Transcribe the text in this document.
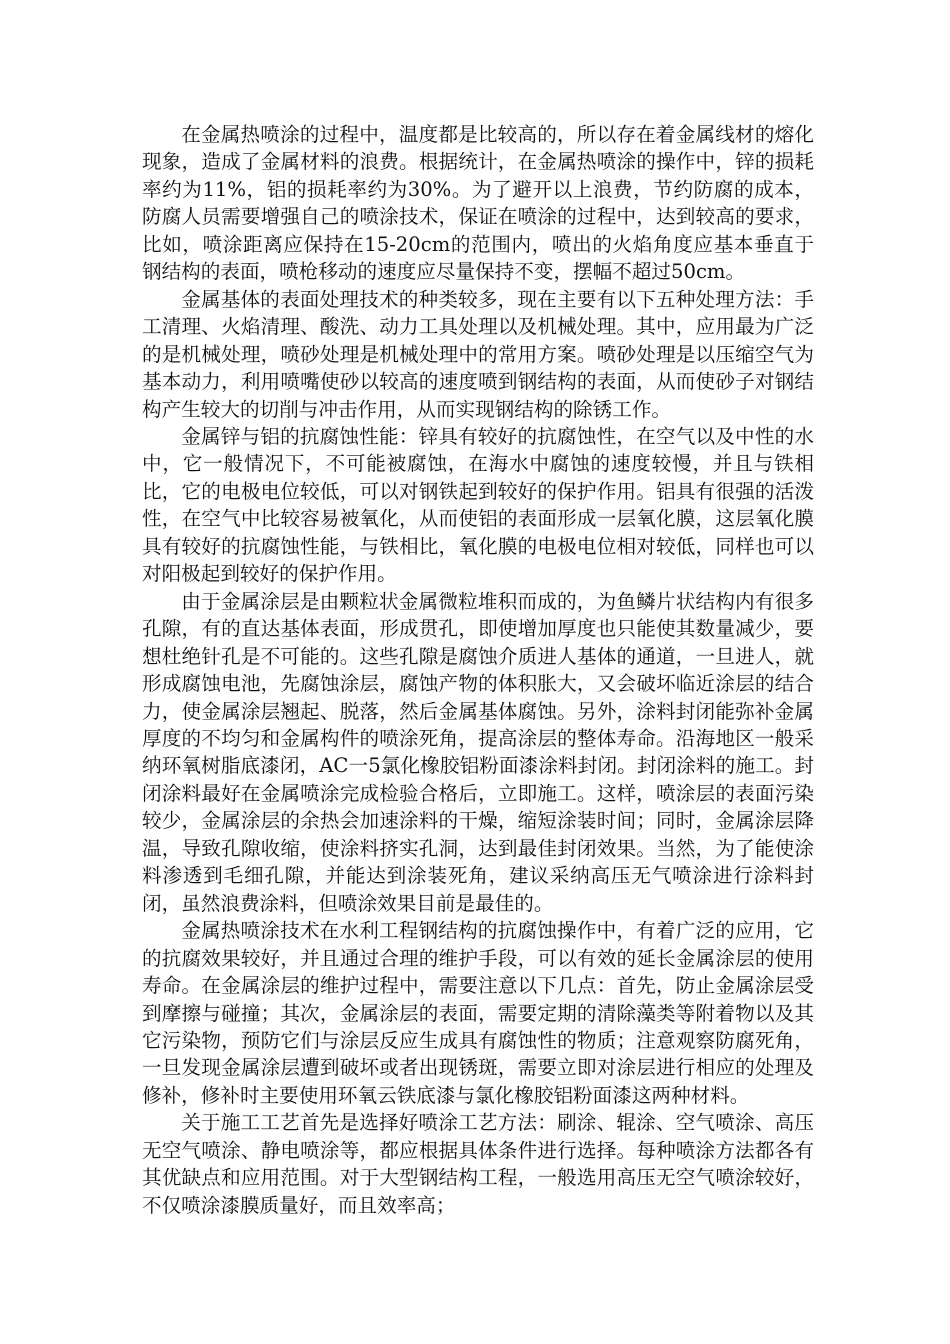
在金属热喷涂的过程中，温度都是比较高的，所以存在着金属线材的熔化现象，造成了金属材料的浪费。根据统计，在金属热喷涂的操作中，锌的损耗率约为11%，铝的损耗率约为30%。为了避开以上浪费，节约防腐的成本，防腐人员需要增强自己的喷涂技术，保证在喷涂的过程中，达到较高的要求，比如，喷涂距离应保持在15-20cm的范围内，喷出的火焰角度应基本垂直于钢结构的表面，喷枪移动的速度应尽量保持不变，摆幅不超过50cm。

金属基体的表面处理技术的种类较多，现在主要有以下五种处理方法：手工清理、火焰清理、酸洗、动力工具处理以及机械处理。其中，应用最为广泛的是机械处理，喷砂处理是机械处理中的常用方案。喷砂处理是以压缩空气为基本动力，利用喷嘴使砂以较高的速度喷到钢结构的表面，从而使砂子对钢结构产生较大的切削与冲击作用，从而实现钢结构的除锈工作。

金属锌与铝的抗腐蚀性能：锌具有较好的抗腐蚀性，在空气以及中性的水中，它一般情况下，不可能被腐蚀，在海水中腐蚀的速度较慢，并且与铁相比，它的电极电位较低，可以对钢铁起到较好的保护作用。铝具有很强的活泼性，在空气中比较容易被氧化，从而使铝的表面形成一层氧化膜，这层氧化膜具有较好的抗腐蚀性能，与铁相比，氧化膜的电极电位相对较低，同样也可以对阳极起到较好的保护作用。

由于金属涂层是由颗粒状金属微粒堆积而成的，为鱼鳞片状结构内有很多孔隙，有的直达基体表面，形成贯孔，即使增加厚度也只能使其数量减少，要想杜绝针孔是不可能的。这些孔隙是腐蚀介质进人基体的通道，一旦进人，就形成腐蚀电池，先腐蚀涂层，腐蚀产物的体积胀大，又会破坏临近涂层的结合力，使金属涂层翘起、脱落，然后金属基体腐蚀。另外，涂料封闭能弥补金属厚度的不均匀和金属构件的喷涂死角，提高涂层的整体寿命。沿海地区一般采纳环氧树脂底漆闭，AC一5氯化橡胶铝粉面漆涂料封闭。封闭涂料的施工。封闭涂料最好在金属喷涂完成检验合格后，立即施工。这样，喷涂层的表面污染较少，金属涂层的余热会加速涂料的干燥，缩短涂装时间；同时，金属涂层降温，导致孔隙收缩，使涂料挤实孔洞，达到最佳封闭效果。当然，为了能使涂料渗透到毛细孔隙，并能达到涂装死角，建议采纳高压无气喷涂进行涂料封闭，虽然浪费涂料，但喷涂效果目前是最佳的。

金属热喷涂技术在水利工程钢结构的抗腐蚀操作中，有着广泛的应用，它的抗腐效果较好，并且通过合理的维护手段，可以有效的延长金属涂层的使用寿命。在金属涂层的维护过程中，需要注意以下几点：首先，防止金属涂层受到摩擦与碰撞；其次，金属涂层的表面，需要定期的清除藻类等附着物以及其它污染物，预防它们与涂层反应生成具有腐蚀性的物质；注意观察防腐死角，一旦发现金属涂层遭到破坏或者出现锈斑，需要立即对涂层进行相应的处理及修补，修补时主要使用环氧云铁底漆与氯化橡胶铝粉面漆这两种材料。

关于施工工艺首先是选择好喷涂工艺方法：刷涂、辊涂、空气喷涂、高压无空气喷涂、静电喷涂等，都应根据具体条件进行选择。每种喷涂方法都各有其优缺点和应用范围。对于大型钢结构工程，一般选用高压无空气喷涂较好，不仅喷涂漆膜质量好，而且效率高；
